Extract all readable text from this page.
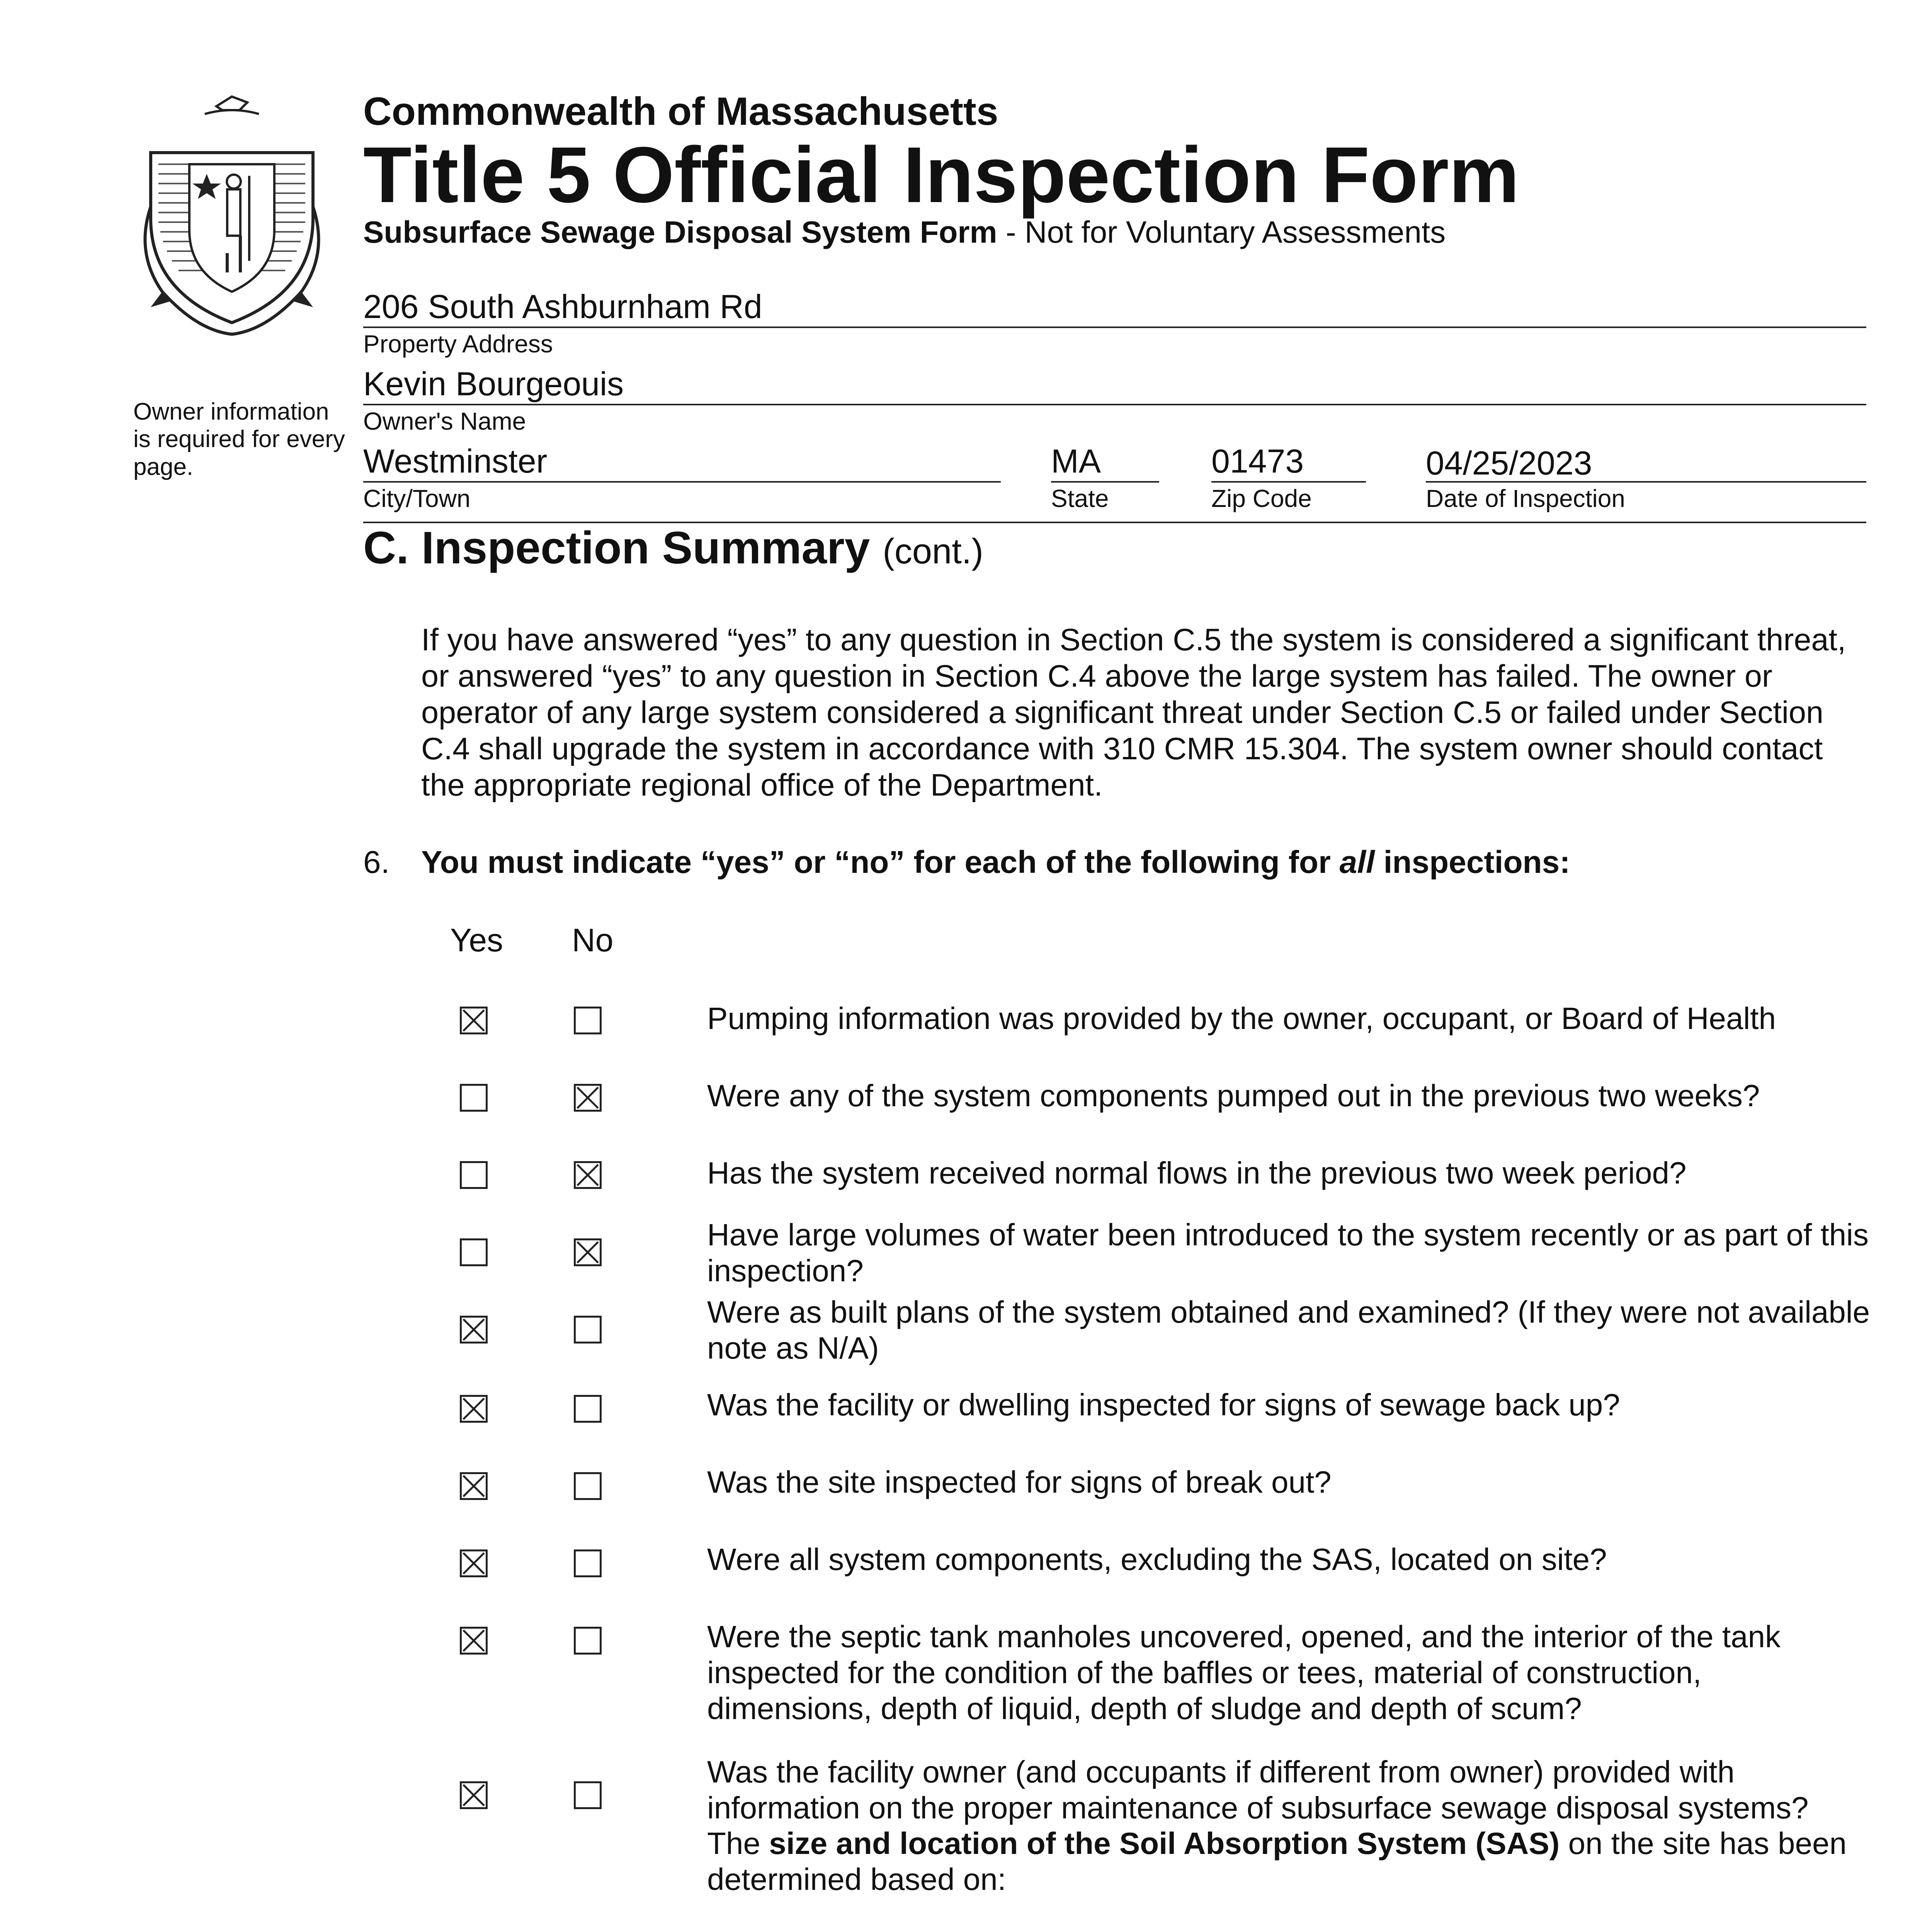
Owner information is required for every page.
Commonwealth of Massachusetts
Title 5 Official Inspection Form
Subsurface Sewage Disposal System Form - Not for Voluntary Assessments
206 South Ashburnham Rd
Property Address
Kevin Bourgeouis
Owner's Name
Westminster
City/Town
MA
State
01473
Zip Code
04/25/2023
Date of Inspection
C. Inspection Summary (cont.)
If you have answered “yes” to any question in Section C.5 the system is considered a significant threat, or answered “yes” to any question in Section C.4 above the large system has failed. The owner or operator of any large system considered a significant threat under Section C.5 or failed under Section C.4 shall upgrade the system in accordance with 310 CMR 15.304. The system owner should contact the appropriate regional office of the Department.
6. You must indicate “yes” or “no” for each of the following for all inspections:
Yes No
Pumping information was provided by the owner, occupant, or Board of Health
Were any of the system components pumped out in the previous two weeks?
Has the system received normal flows in the previous two week period?
Have large volumes of water been introduced to the system recently or as part of this inspection?
Were as built plans of the system obtained and examined? (If they were not available note as N/A)
Was the facility or dwelling inspected for signs of sewage back up?
Was the site inspected for signs of break out?
Were all system components, excluding the SAS, located on site?
Were the septic tank manholes uncovered, opened, and the interior of the tank inspected for the condition of the baffles or tees, material of construction, dimensions, depth of liquid, depth of sludge and depth of scum?
Was the facility owner (and occupants if different from owner) provided with information on the proper maintenance of subsurface sewage disposal systems?
The size and location of the Soil Absorption System (SAS) on the site has been determined based on:
